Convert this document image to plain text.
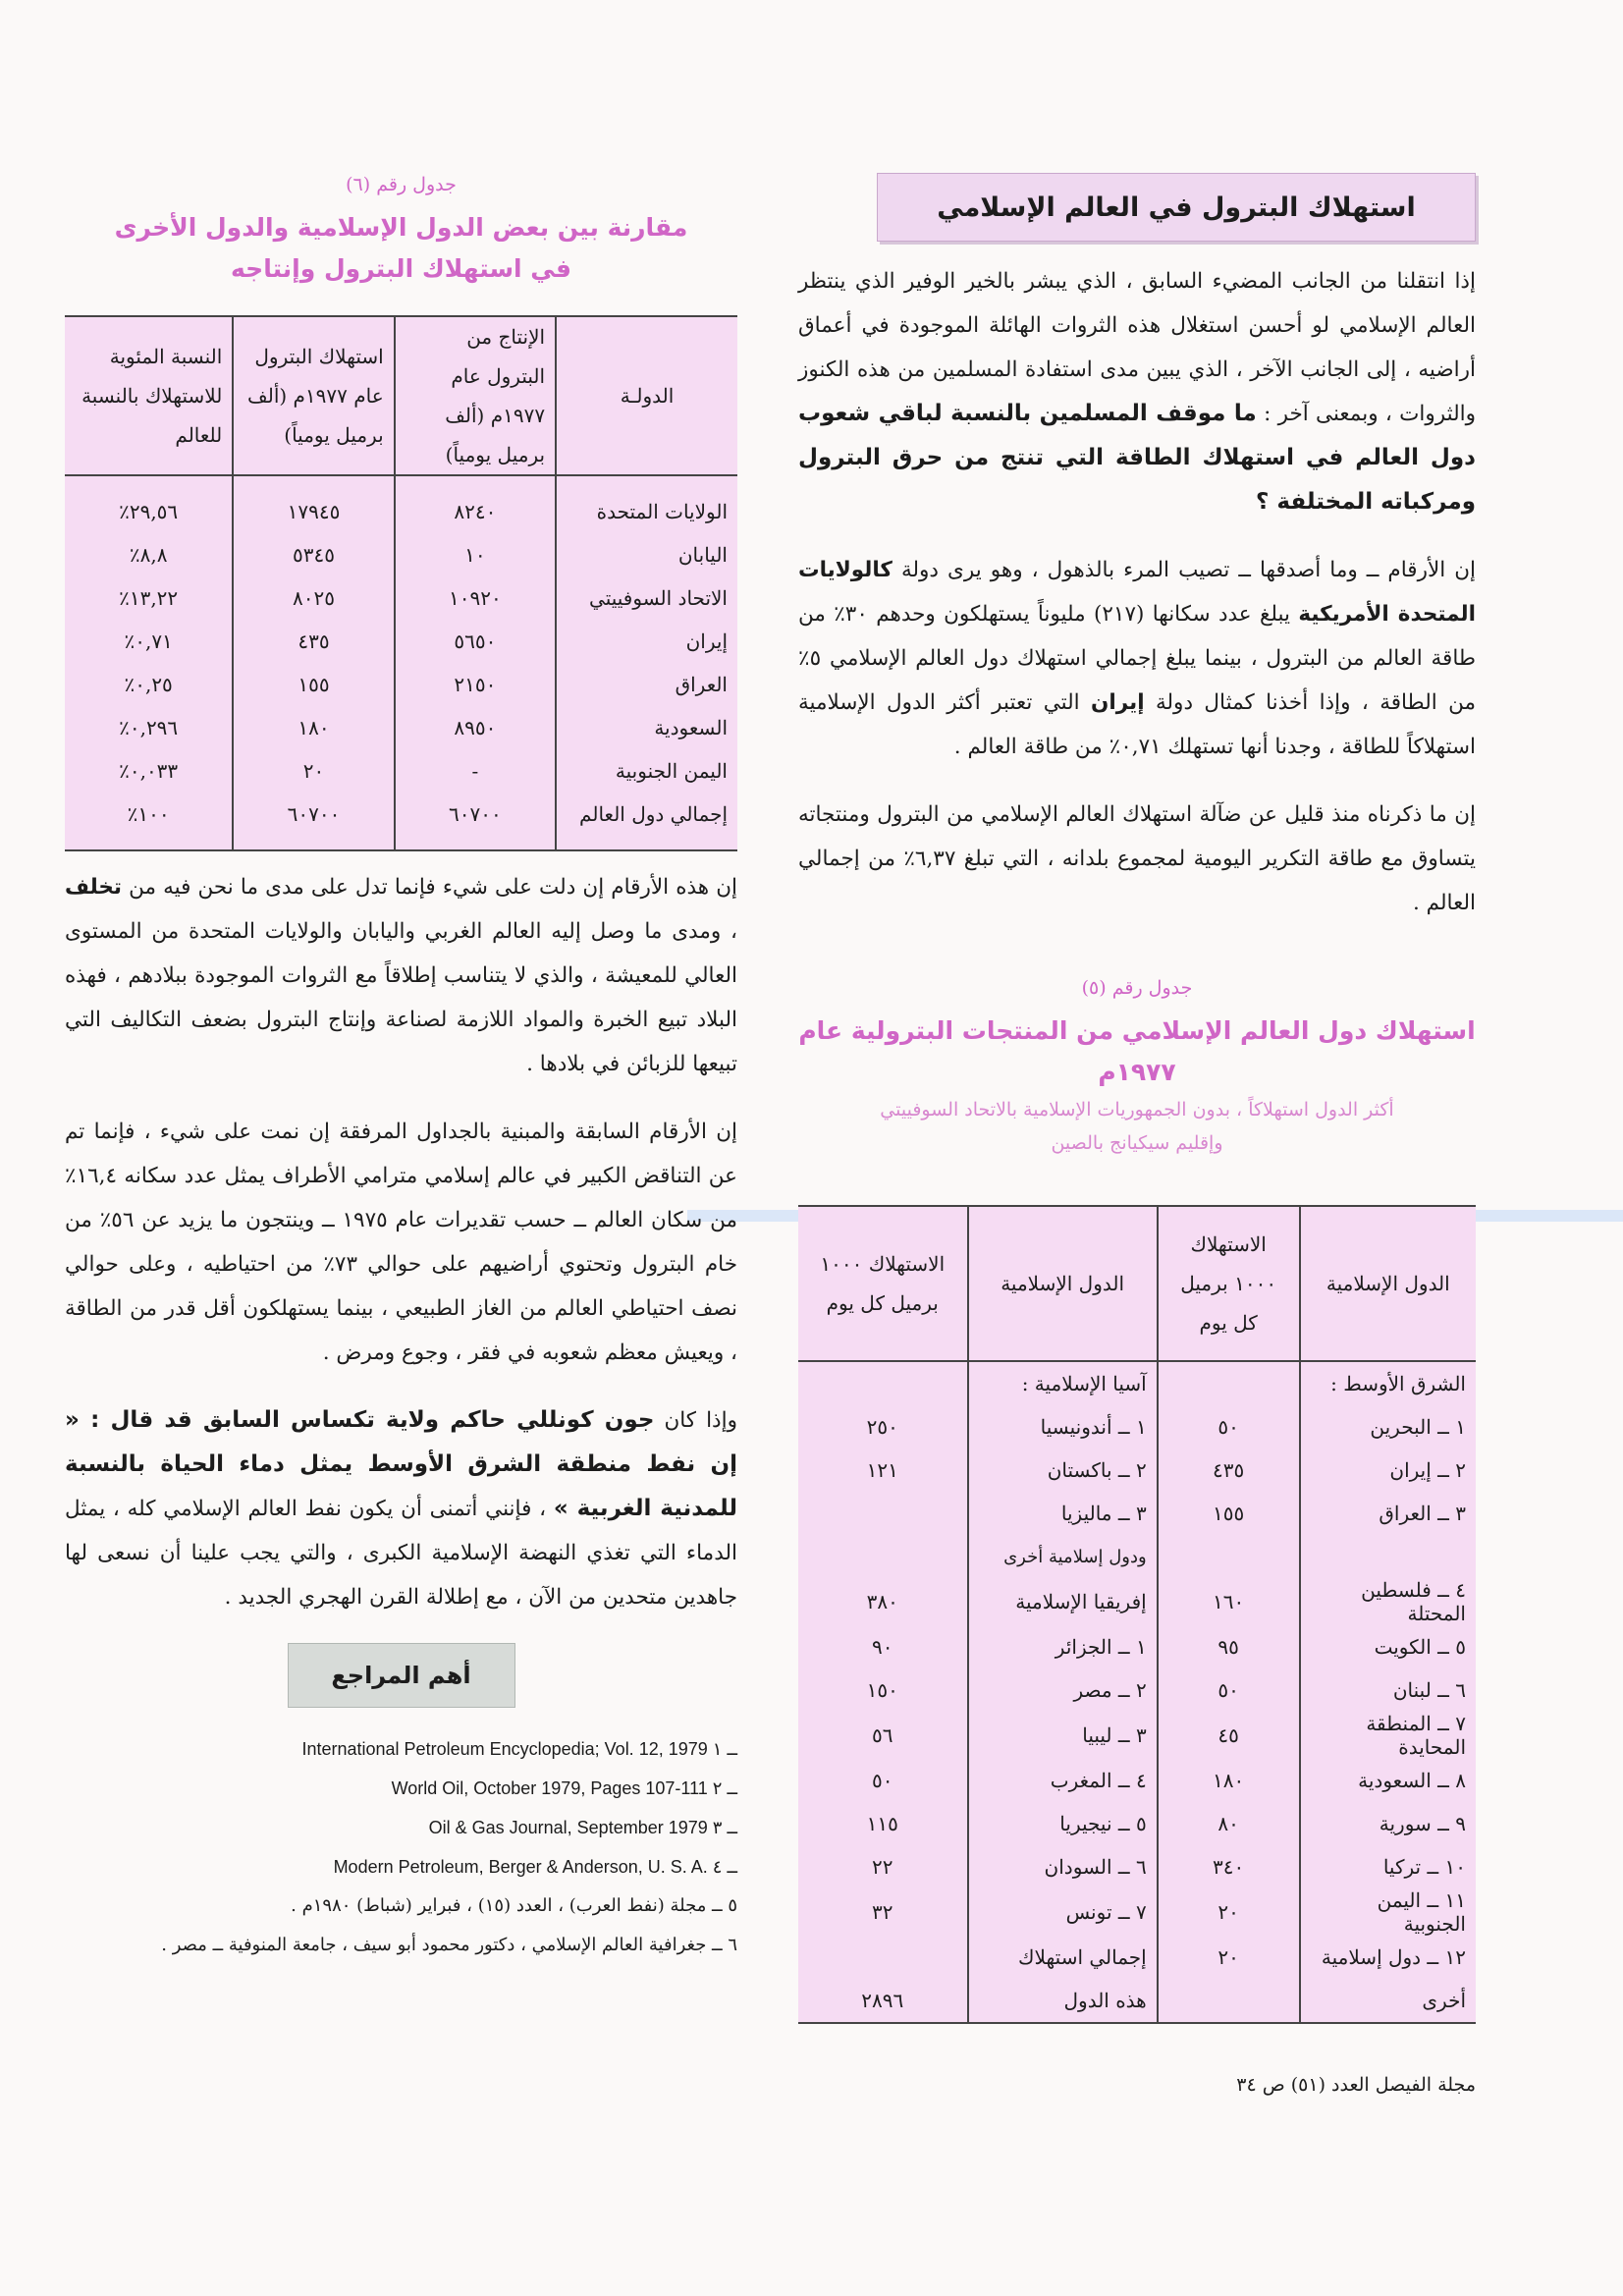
استهلاك البترول في العالم الإسلامي

إذا انتقلنا من الجانب المضيء السابق ، الذي يبشر بالخير الوفير الذي ينتظر العالم الإسلامي لو أحسن استغلال هذه الثروات الهائلة الموجودة في أعماق أراضيه ، إلى الجانب الآخر ، الذي يبين مدى استفادة المسلمين من هذه الكنوز والثروات ، وبمعنى آخر : ما موقف المسلمين بالنسبة لباقي شعوب دول العالم في استهلاك الطاقة التي تنتج من حرق البترول ومركباته المختلفة ؟

إن الأرقام ــ وما أصدقها ــ تصيب المرء بالذهول ، وهو يرى دولة كالولايات المتحدة الأمريكية يبلغ عدد سكانها (٢١٧) مليوناً يستهلكون وحدهم ٣٠٪ من طاقة العالم من البترول ، بينما يبلغ إجمالي استهلاك دول العالم الإسلامي ٥٪ من الطاقة ، وإذا أخذنا كمثال دولة إيران التي تعتبر أكثر الدول الإسلامية استهلاكاً للطاقة ، وجدنا أنها تستهلك ٠,٧١٪ من طاقة العالم .

إن ما ذكرناه منذ قليل عن ضآلة استهلاك العالم الإسلامي من البترول ومنتجاته يتساوق مع طاقة التكرير اليومية لمجموع بلدانه ، التي تبلغ ٦,٣٧٪ من إجمالي العالم .

جدول رقم (٥)

استهلاك دول العالم الإسلامي من المنتجات البترولية عام ١٩٧٧م

أكثر الدول استهلاكاً ، بدون الجمهوريات الإسلامية بالاتحاد السوفييتي وإقليم سيكيانج بالصين

الدول الإسلامية	الاستهلاك ١٠٠٠ برميل كل يوم	الدول الإسلامية	الاستهلاك ١٠٠٠ برميل كل يوم
الشرق الأوسط :		آسيا الإسلامية :	
١ ــ البحرين	٥٠	١ ــ أندونيسيا	٢٥٠
٢ ــ إيران	٤٣٥	٢ ــ باكستان	١٢١
٣ ــ العراق	١٥٥	٣ ــ ماليزيا	
		ودول إسلامية أخرى	
٤ ــ فلسطين المحتلة	١٦٠	إفريقيا الإسلامية	٣٨٠
٥ ــ الكويت	٩٥	١ ــ الجزائر	٩٠
٦ ــ لبنان	٥٠	٢ ــ مصر	١٥٠
٧ ــ المنطقة المحايدة	٤٥	٣ ــ ليبيا	٥٦
٨ ــ السعودية	١٨٠	٤ ــ المغرب	٥٠
٩ ــ سورية	٨٠	٥ ــ نيجيريا	١١٥
١٠ ــ تركيا	٣٤٠	٦ ــ السودان	٢٢
١١ ــ اليمن الجنوبية	٢٠	٧ ــ تونس	٣٢
١٢ ــ دول إسلامية	٢٠	إجمالي استهلاك	
أخرى		هذه الدول	٢٨٩٦

جدول رقم (٦)

مقارنة بين بعض الدول الإسلامية والدول الأخرى

في استهلاك البترول وإنتاجه

الدولـة	الإنتاج من البترول عام ١٩٧٧م (ألف برميل يومياً)	استهلاك البترول عام ١٩٧٧م (ألف برميل يومياً)	النسبة المئوية للاستهلاك بالنسبة للعالم
الولايات المتحدة	٨٢٤٠	١٧٩٤٥	٢٩,٥٦٪
اليابان	١٠	٥٣٤٥	٨,٨٪
الاتحاد السوفييتي	١٠٩٢٠	٨٠٢٥	١٣,٢٢٪
إيران	٥٦٥٠	٤٣٥	٠,٧١٪
العراق	٢١٥٠	١٥٥	٠,٢٥٪
السعودية	٨٩٥٠	١٨٠	٠,٢٩٦٪
اليمن الجنوبية	-	٢٠	٠,٠٣٣٪
إجمالي دول العالم	٦٠٧٠٠	٦٠٧٠٠	١٠٠٪

إن هذه الأرقام إن دلت على شيء فإنما تدل على مدى ما نحن فيه من تخلف ، ومدى ما وصل إليه العالم الغربي واليابان والولايات المتحدة من المستوى العالي للمعيشة ، والذي لا يتناسب إطلاقاً مع الثروات الموجودة ببلادهم ، فهذه البلاد تبيع الخبرة والمواد اللازمة لصناعة وإنتاج البترول بضعف التكاليف التي تبيعها للزبائن في بلادها .

إن الأرقام السابقة والمبنية بالجداول المرفقة إن نمت على شيء ، فإنما تم عن التناقض الكبير في عالم إسلامي مترامي الأطراف يمثل عدد سكانه ١٦,٤٪ من سكان العالم ــ حسب تقديرات عام ١٩٧٥ ــ وينتجون ما يزيد عن ٥٦٪ من خام البترول وتحتوي أراضيهم على حوالي ٧٣٪ من احتياطيه ، وعلى حوالي نصف احتياطي العالم من الغاز الطبيعي ، بينما يستهلكون أقل قدر من الطاقة ، ويعيش معظم شعوبه في فقر ، وجوع ومرض .

وإذا كان جون كونللي حاكم ولاية تكساس السابق قد قال : « إن نفط منطقة الشرق الأوسط يمثل دماء الحياة بالنسبة للمدنية الغربية » ، فإنني أتمنى أن يكون نفط العالم الإسلامي كله ، يمثل الدماء التي تغذي النهضة الإسلامية الكبرى ، والتي يجب علينا أن نسعى لها جاهدين متحدين من الآن ، مع إطلالة القرن الهجري الجديد .

أهم المراجع
International Petroleum Encyclopedia; Vol. 12, 1979 ــ ١
World Oil, October 1979, Pages 107-111 ــ ٢
Oil & Gas Journal, September 1979 ــ ٣
Modern Petroleum, Berger & Anderson, U. S. A. ــ ٤
٥ ــ مجلة (نفط العرب) ، العدد (١٥) ، فبراير (شباط) ١٩٨٠م .
٦ ــ جغرافية العالم الإسلامي ، دكتور محمود أبو سيف ، جامعة المنوفية ــ مصر .
مجلة الفيصل العدد (٥١) ص ٣٤
